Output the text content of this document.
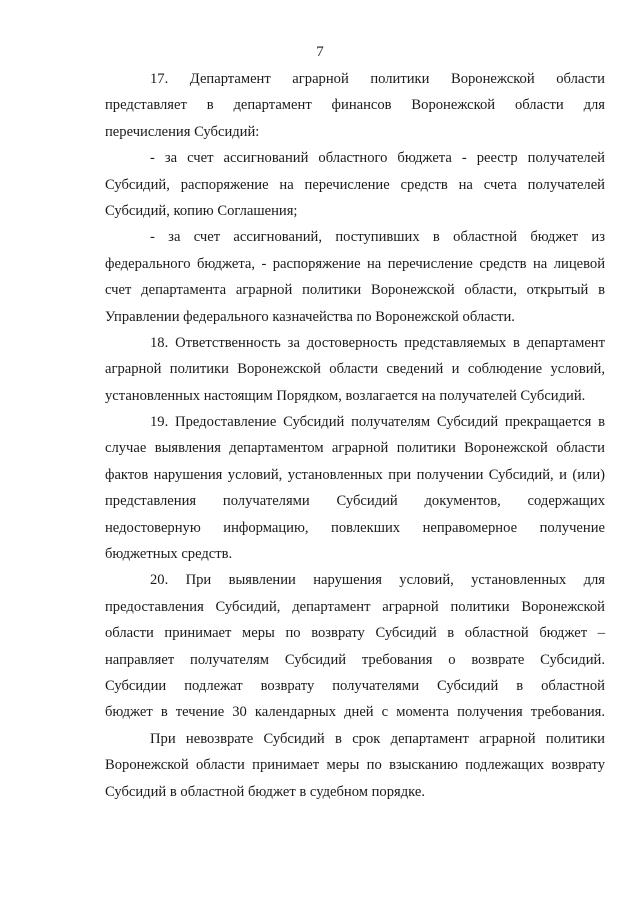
7
17. Департамент аграрной политики Воронежской области
представляет в департамент финансов Воронежской области для
перечисления Субсидий:
- за счет ассигнований областного бюджета - реестр получателей
Субсидий, распоряжение на перечисление средств на счета получателей
Субсидий, копию Соглашения;
- за счет ассигнований, поступивших в областной бюджет из
федерального бюджета, - распоряжение на перечисление средств на лицевой
счет департамента аграрной политики Воронежской области, открытый в
Управлении федерального казначейства по Воронежской области.
18. Ответственность за достоверность представляемых в департамент
аграрной политики Воронежской области сведений и соблюдение условий,
установленных настоящим Порядком, возлагается на получателей Субсидий.
19. Предоставление Субсидий получателям Субсидий прекращается в
случае выявления департаментом аграрной политики Воронежской области
фактов нарушения условий, установленных при получении Субсидий, и (или)
представления получателями Субсидий документов, содержащих
недостоверную информацию, повлекших неправомерное получение
бюджетных средств.
20. При выявлении нарушения условий, установленных для
предоставления Субсидий, департамент аграрной политики Воронежской
области принимает меры по возврату Субсидий в областной бюджет –
направляет получателям Субсидий требования о возврате Субсидий.
Субсидии подлежат возврату получателями Субсидий в областной
бюджет в течение 30 календарных дней с момента получения требования.
При невозврате Субсидий в срок департамент аграрной политики
Воронежской области принимает меры по взысканию подлежащих возврату
Субсидий в областной бюджет в судебном порядке.
